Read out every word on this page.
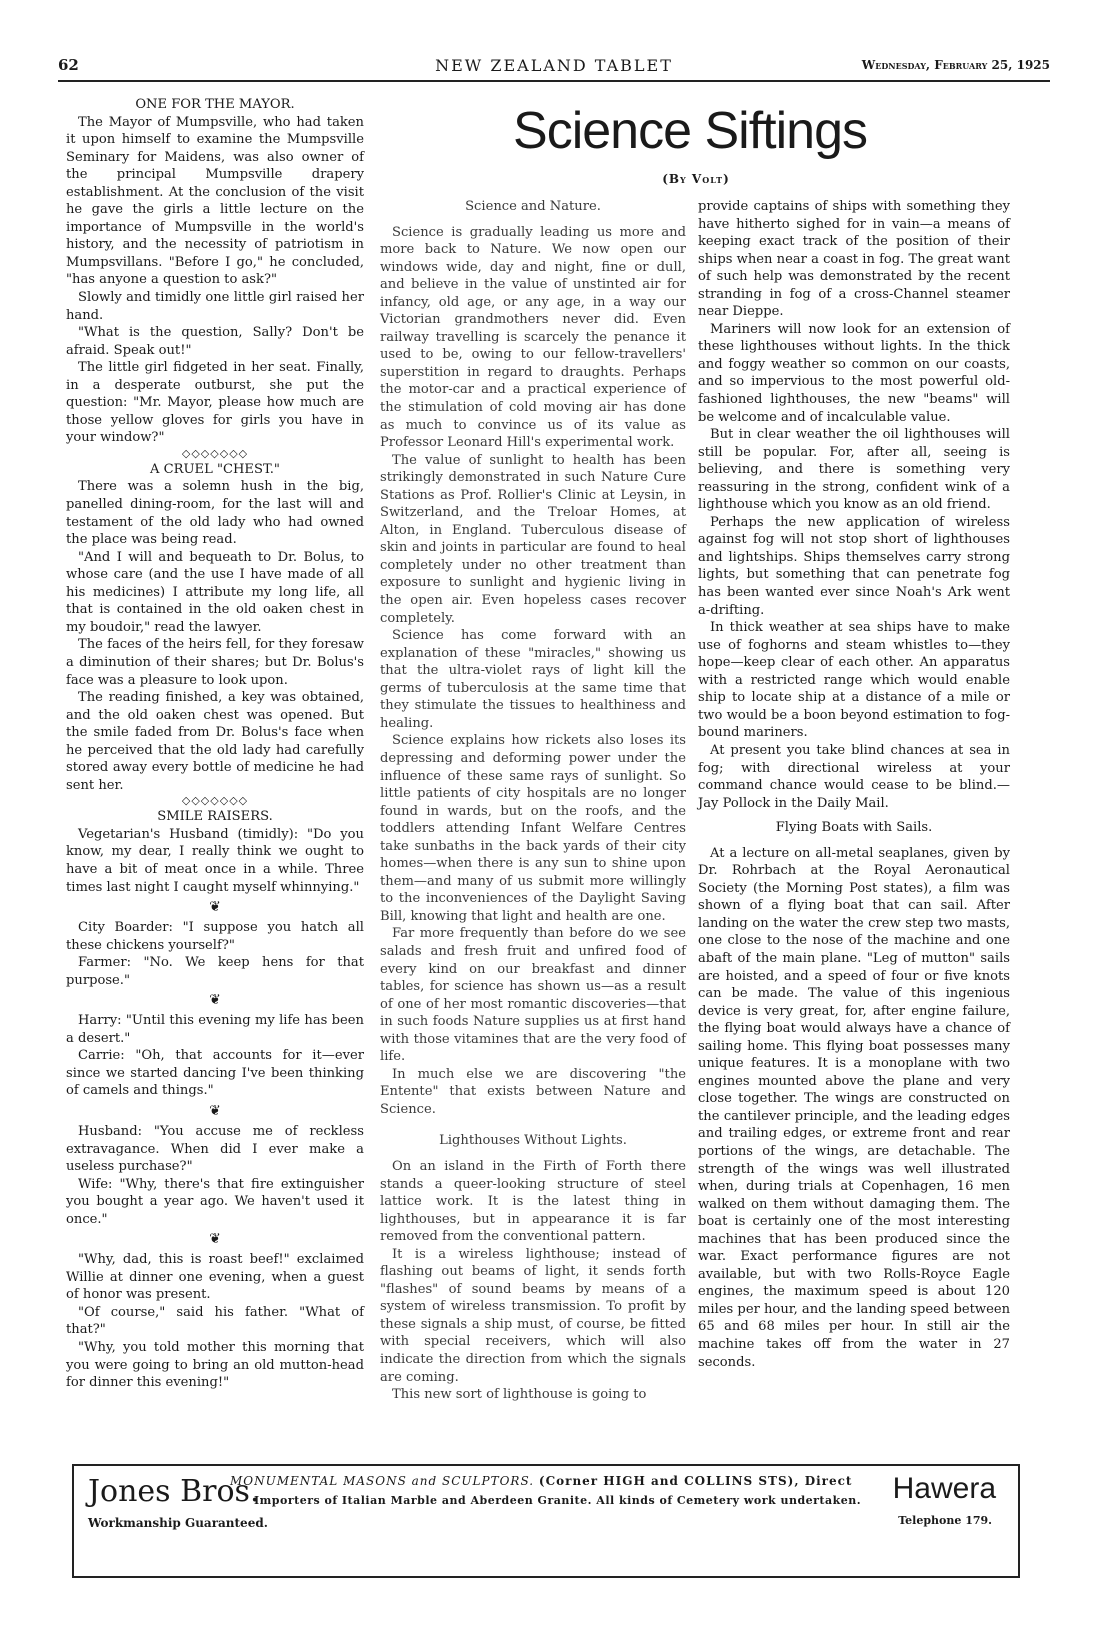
62	NEW ZEALAND TABLET	Wednesday, February 25, 1925
ONE FOR THE MAYOR.

The Mayor of Mumpsville, who had taken it upon himself to examine the Mumpsville Seminary for Maidens, was also owner of the principal Mumpsville drapery establishment. At the conclusion of the visit he gave the girls a little lecture on the importance of Mumpsville in the world's history, and the necessity of patriotism in Mumpsvillans. "Before I go," he concluded, "has anyone a question to ask?"

Slowly and timidly one little girl raised her hand.

"What is the question, Sally? Don't be afraid. Speak out!"

The little girl fidgeted in her seat. Finally, in a desperate outburst, she put the question: "Mr. Mayor, please how much are those yellow gloves for girls you have in your window?"

◇◇◇◇◇◇◇
A CRUEL "CHEST."

There was a solemn hush in the big, panelled dining-room, for the last will and testament of the old lady who had owned the place was being read.

"And I will and bequeath to Dr. Bolus, to whose care (and the use I have made of all his medicines) I attribute my long life, all that is contained in the old oaken chest in my boudoir," read the lawyer.

The faces of the heirs fell, for they foresaw a diminution of their shares; but Dr. Bolus's face was a pleasure to look upon.

The reading finished, a key was obtained, and the old oaken chest was opened. But the smile faded from Dr. Bolus's face when he perceived that the old lady had carefully stored away every bottle of medicine he had sent her.

◇◇◇◇◇◇◇
SMILE RAISERS.

Vegetarian's Husband (timidly): "Do you know, my dear, I really think we ought to have a bit of meat once in a while. Three times last night I caught myself whinnying."

❦

City Boarder: "I suppose you hatch all these chickens yourself?"

Farmer: "No. We keep hens for that purpose."

❦

Harry: "Until this evening my life has been a desert."

Carrie: "Oh, that accounts for it—ever since we started dancing I've been thinking of camels and things."

❦

Husband: "You accuse me of reckless extravagance. When did I ever make a useless purchase?"

Wife: "Why, there's that fire extinguisher you bought a year ago. We haven't used it once."

❦

"Why, dad, this is roast beef!" exclaimed Willie at dinner one evening, when a guest of honor was present.

"Of course," said his father. "What of that?"

"Why, you told mother this morning that you were going to bring an old mutton-head for dinner this evening!"

Science Siftings
(By Volt)
Science and Nature.

Science is gradually leading us more and more back to Nature. We now open our windows wide, day and night, fine or dull, and believe in the value of unstinted air for infancy, old age, or any age, in a way our Victorian grandmothers never did. Even railway travelling is scarcely the penance it used to be, owing to our fellow-travellers' superstition in regard to draughts. Perhaps the motor-car and a practical experience of the stimulation of cold moving air has done as much to convince us of its value as Professor Leonard Hill's experimental work.

The value of sunlight to health has been strikingly demonstrated in such Nature Cure Stations as Prof. Rollier's Clinic at Leysin, in Switzerland, and the Treloar Homes, at Alton, in England. Tuberculous disease of skin and joints in particular are found to heal completely under no other treatment than exposure to sunlight and hygienic living in the open air. Even hopeless cases recover completely.

Science has come forward with an explanation of these "miracles," showing us that the ultra-violet rays of light kill the germs of tuberculosis at the same time that they stimulate the tissues to healthiness and healing.

Science explains how rickets also loses its depressing and deforming power under the influence of these same rays of sunlight. So little patients of city hospitals are no longer found in wards, but on the roofs, and the toddlers attending Infant Welfare Centres take sunbaths in the back yards of their city homes—when there is any sun to shine upon them—and many of us submit more willingly to the inconveniences of the Daylight Saving Bill, knowing that light and health are one.

Far more frequently than before do we see salads and fresh fruit and unfired food of every kind on our breakfast and dinner tables, for science has shown us—as a result of one of her most romantic discoveries—that in such foods Nature supplies us at first hand with those vitamines that are the very food of life.

In much else we are discovering "the Entente" that exists between Nature and Science.

Lighthouses Without Lights.

On an island in the Firth of Forth there stands a queer-looking structure of steel lattice work. It is the latest thing in lighthouses, but in appearance it is far removed from the conventional pattern.

It is a wireless lighthouse; instead of flashing out beams of light, it sends forth "flashes" of sound beams by means of a system of wireless transmission. To profit by these signals a ship must, of course, be fitted with special receivers, which will also indicate the direction from which the signals are coming.

This new sort of lighthouse is going to

provide captains of ships with something they have hitherto sighed for in vain—a means of keeping exact track of the position of their ships when near a coast in fog. The great want of such help was demonstrated by the recent stranding in fog of a cross-Channel steamer near Dieppe.

Mariners will now look for an extension of these lighthouses without lights. In the thick and foggy weather so common on our coasts, and so impervious to the most powerful old-fashioned lighthouses, the new "beams" will be welcome and of incalculable value.

But in clear weather the oil lighthouses will still be popular. For, after all, seeing is believing, and there is something very reassuring in the strong, confident wink of a lighthouse which you know as an old friend.

Perhaps the new application of wireless against fog will not stop short of lighthouses and lightships. Ships themselves carry strong lights, but something that can penetrate fog has been wanted ever since Noah's Ark went a-drifting.

In thick weather at sea ships have to make use of foghorns and steam whistles to—they hope—keep clear of each other. An apparatus with a restricted range which would enable ship to locate ship at a distance of a mile or two would be a boon beyond estimation to fog-bound mariners.

At present you take blind chances at sea in fog; with directional wireless at your command chance would cease to be blind.—Jay Pollock in the Daily Mail.

Flying Boats with Sails.

At a lecture on all-metal seaplanes, given by Dr. Rohrbach at the Royal Aeronautical Society (the Morning Post states), a film was shown of a flying boat that can sail. After landing on the water the crew step two masts, one close to the nose of the machine and one abaft of the main plane. "Leg of mutton" sails are hoisted, and a speed of four or five knots can be made. The value of this ingenious device is very great, for, after engine failure, the flying boat would always have a chance of sailing home. This flying boat possesses many unique features. It is a monoplane with two engines mounted above the plane and very close together. The wings are constructed on the cantilever principle, and the leading edges and trailing edges, or extreme front and rear portions of the wings, are detachable. The strength of the wings was well illustrated when, during trials at Copenhagen, 16 men walked on them without damaging them. The boat is certainly one of the most interesting machines that has been produced since the war. Exact performance figures are not available, but with two Rolls-Royce Eagle engines, the maximum speed is about 120 miles per hour, and the landing speed between 65 and 68 miles per hour. In still air the machine takes off from the water in 27 seconds.

Jones Bros.
Workmanship Guaranteed.
MONUMENTAL MASONS and SCULPTORS. (Corner HIGH and COLLINS STS), Direct
Importers of Italian Marble and Aberdeen Granite. All kinds of Cemetery work undertaken. Hawera
Telephone 179.
